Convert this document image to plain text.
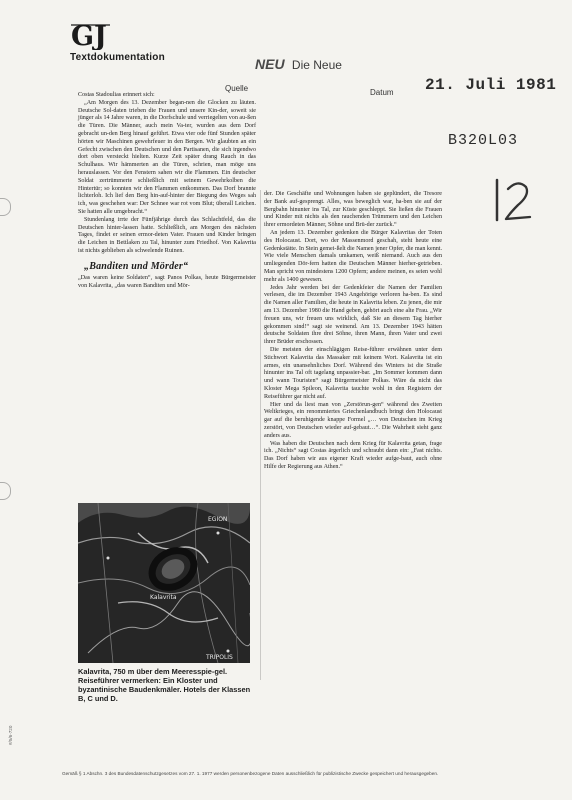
GJ
Textdokumentation	NEU Die Neue
Quelle	Datum 21. Juli 1981
B320L03

Costas Stadoulias erinnert sich:

„Am Morgen des 13. Dezember began-nen die Glocken zu läuten. Deutsche Sol-daten trieben die Frauen und unsere Kin-der, soweit sie jünger als 14 Jahre waren, in die Dorfschule und verriegelten von au-ßen die Türen. Die Männer, auch mein Va-ter, wurden aus dem Dorf gebracht un-den Berg hinauf geführt. Etwa vier ode fünf Stunden später hörten wir Maschinen gewehrfeuer in den Bergen. Wir glaubten an ein Gefecht zwischen den Deutschen und den Partisanen, die sich irgendwo dort oben versteckt hielten. Kurze Zeit später drang Rauch in das Schulhaus. Wir hämmerten an die Türen, schrien, man möge uns herauslassen. Vor den Fenstern sahen wir die Flammen. Ein deutscher Soldat zertrümmerte schließlich mit seinem Gewehrkolben die Hintertür; so konnten wir den Flammen entkommen. Das Dorf brannte lichterloh. Ich lief den Berg hin-auf-hinter der Biegung des Weges sah ich, was geschehen war: Der Schnee war rot vom Blut; überall Leichen. Sie hatten alle umgebracht.“

Stundenlang irrte der Fünfjährige durch das Schlachtfeld, das die Deutschen hinter-lassen hatte. Schließlich, am Morgen des nächsten Tages, findet er seinen ermor-deten Vater. Frauen und Kinder bringen die Leichen in Bettlaken zu Tal, hinunter zum Friedhof. Von Kalavrita ist nichts geblieben als schwelende Ruinen.

„Banditen und Mörder“

„Das waren keine Soldaten“, sagt Panos Polkas, heute Bürgermeister von Kalavrita, „das waren Banditen und Mör-

EGION
Kalavrita
TRIPOLIS
Kalavrita, 750 m über dem Meeresspie-gel. Reiseführer vermerken: Ein Kloster und byzantinische Baudenkmäler. Hotels der Klassen B, C und D.

der. Die Geschäfte und Wohnungen haben sie geplündert, die Tresore der Bank auf-gesprengt. Alles, was beweglich war, ha-ben sie auf der Bergbahn hinunter ins Tal, zur Küste geschleppt. Sie ließen die Frauen und Kinder mit nichts als den rauchenden Trümmern und den Leichen ihrer ermordeten Männer, Söhne und Brü-der zurück.“

An jedem 13. Dezember gedenken die Bürger Kalavritas der Toten des Holocaust. Dort, wo der Massenmord geschah, steht heute eine Gedenkstätte. In Stein gemei-ßelt die Namen jener Opfer, die man kennt. Wie viele Menschen damals umkamen, weiß niemand. Auch aus den umliegenden Dör-fern hatten die Deutschen Männer hierher-getrieben. Man spricht von mindestens 1200 Opfern; andere meinen, es seien wohl mehr als 1400 gewesen.

Jedes Jahr werden bei der Gedenkfeier die Namen der Familien verlesen, die im Dezember 1943 Angehörige verloren ha-ben. Es sind die Namen aller Familien, die heute in Kalavrita leben. Zu jenen, die mir am 13. Dezember 1980 die Hand geben, gehört auch eine alte Frau. „Wir freuen uns, wir freuen uns wirklich, daß Sie an diesem Tag hierher gekommen sind!“ sagt sie weinend. Am 13. Dezember 1943 hätten deutsche Soldaten ihre drei Söhne, ihren Mann, ihren Vater und zwei ihrer Brüder erschossen.

Die meisten der einschlägigen Reise-führer erwähnen unter dem Stichwort Kalavrita das Massaker mit keinem Wort. Kalavrita ist ein armes, ein unansehnliches Dorf. Während des Winters ist die Straße hinunter ins Tal oft tagelang unpassier-bar. „Im Sommer kommen dann und wann Touristen“ sagt Bürgermeister Polkas. Wäre da nicht das Kloster Mega Spileon, Kalavrita tauchte wohl in den Registern der Reiseführer gar nicht auf.

Hier und da liest man von „Zerstörun-gen“ während des Zweiten Weltkrieges, ein renommiertes Griechenlandbuch bringt den Holocaust gar auf die beruhigende knappe Formel „… von Deutschen im Krieg zerstört, von Deutschen wieder auf-gebaut…“. Die Wahrheit sieht ganz anders aus.

Was haben die Deutschen nach dem Krieg für Kalavrita getan, frage ich. „Nichts“ sagt Costas ärgerlich und schraubt dann ein: „Fast nichts. Das Dorf haben wir aus eigener Kraft wieder aufge-baut, auch ohne Hilfe der Regierung aus Athen.“

#/5/6-720
Gemäß § 1 Abschn. 3 des Bundesdatenschutzgesetzes vom 27. 1. 1977 werden personenbezogene Daten ausschließlich für publizistische Zwecke gespeichert und herausgegeben.
